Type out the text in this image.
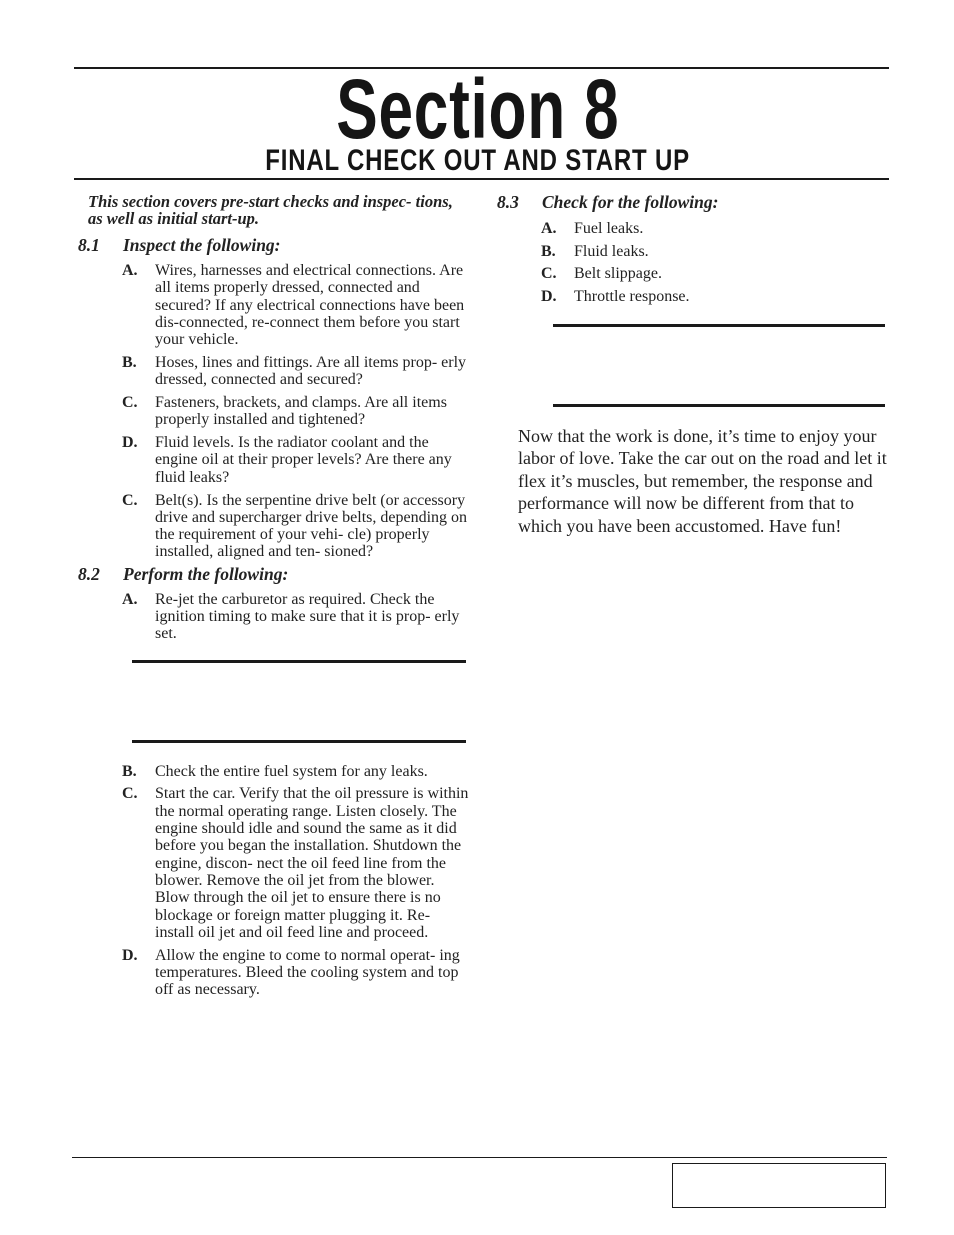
Section 8
FINAL CHECK OUT AND START UP

This section covers pre-start checks and inspec- tions, as well as initial start-up.

8.1 Inspect the following:
A. Wires, harnesses and electrical connections. Are all items properly dressed, connected and secured? If any electrical connections have been dis-connected, re-connect them before you start your vehicle.
B. Hoses, lines and fittings. Are all items prop- erly dressed, connected and secured?
C. Fasteners, brackets, and clamps. Are all items properly installed and tightened?
D. Fluid levels. Is the radiator coolant and the engine oil at their proper levels? Are there any fluid leaks?
C. Belt(s). Is the serpentine drive belt (or accessory drive and supercharger drive belts, depending on the requirement of your vehi- cle) properly installed, aligned and ten- sioned?
8.2 Perform the following:
A. Re-jet the carburetor as required. Check the ignition timing to make sure that it is prop- erly set.
B. Check the entire fuel system for any leaks.
C. Start the car. Verify that the oil pressure is within the normal operating range. Listen closely. The engine should idle and sound the same as it did before you began the installation. Shutdown the engine, discon- nect the oil feed line from the blower. Remove the oil jet from the blower. Blow through the oil jet to ensure there is no blockage or foreign matter plugging it. Re- install oil jet and oil feed line and proceed.
D. Allow the engine to come to normal operat- ing temperatures. Bleed the cooling system and top off as necessary.
8.3 Check for the following:
A. Fuel leaks.
B. Fluid leaks.
C. Belt slippage.
D. Throttle response.

Now that the work is done, it’s time to enjoy your labor of love. Take the car out on the road and let it flex it’s muscles, but remember, the response and performance will now be different from that to which you have been accustomed. Have fun!
